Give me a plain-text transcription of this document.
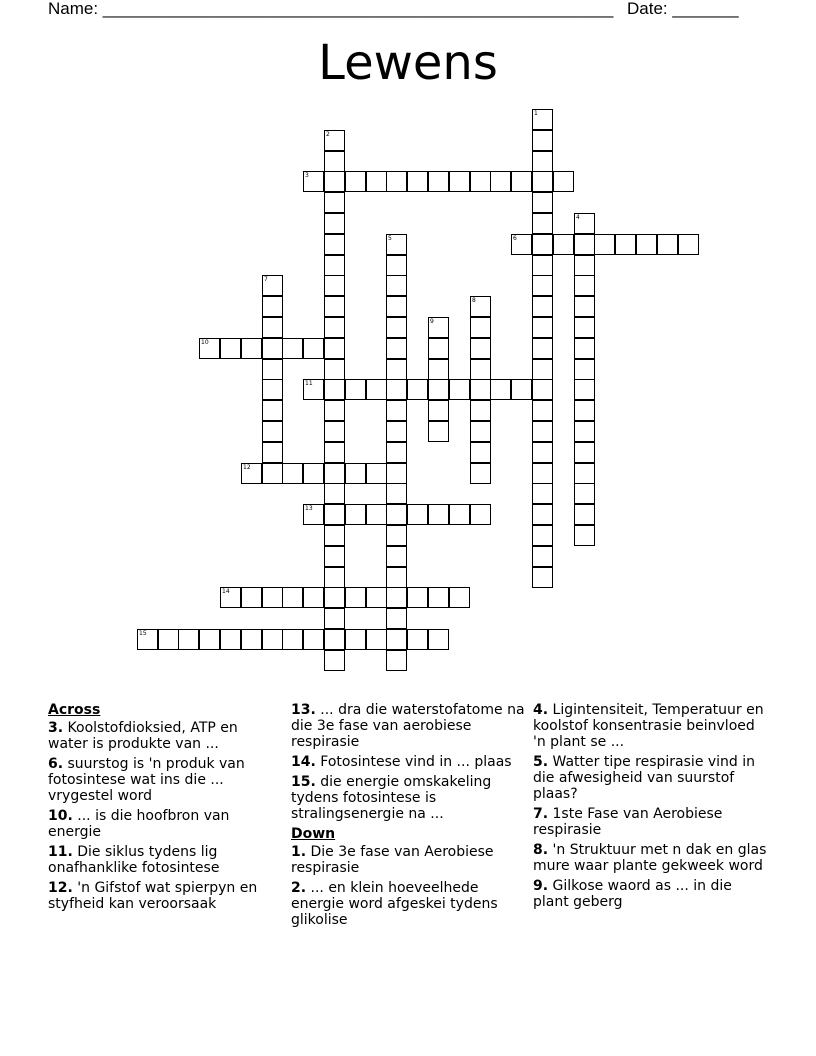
Name: ______________________________________________________ Date: _______
Lewens
1
2
3
4
5	6
7
8
9
10
11
12
13
14
15
Across
3. Koolstofdioksied, ATP en water is produkte van ...
6. suurstog is 'n produk van fotosintese wat ins die ... vrygestel word
10. ... is die hoofbron van energie
11. Die siklus tydens lig onafhanklike fotosintese
12. 'n Gifstof wat spierpyn en styfheid kan veroorsaak
13. ... dra die waterstofatome na die 3e fase van aerobiese respirasie
14. Fotosintese vind in ... plaas
15. die energie omskakeling tydens fotosintese is stralingsenergie na ...
Down
1. Die 3e fase van Aerobiese respirasie
2. ... en klein hoeveelhede energie word afgeskei tydens glikolise
4. Ligintensiteit, Temperatuur en koolstof konsentrasie beinvloed 'n plant se ...
5. Watter tipe respirasie vind in die afwesigheid van suurstof plaas?
7. 1ste Fase van Aerobiese respirasie
8. 'n Struktuur met n dak en glas mure waar plante gekweek word
9. Gilkose waord as ... in die plant geberg
